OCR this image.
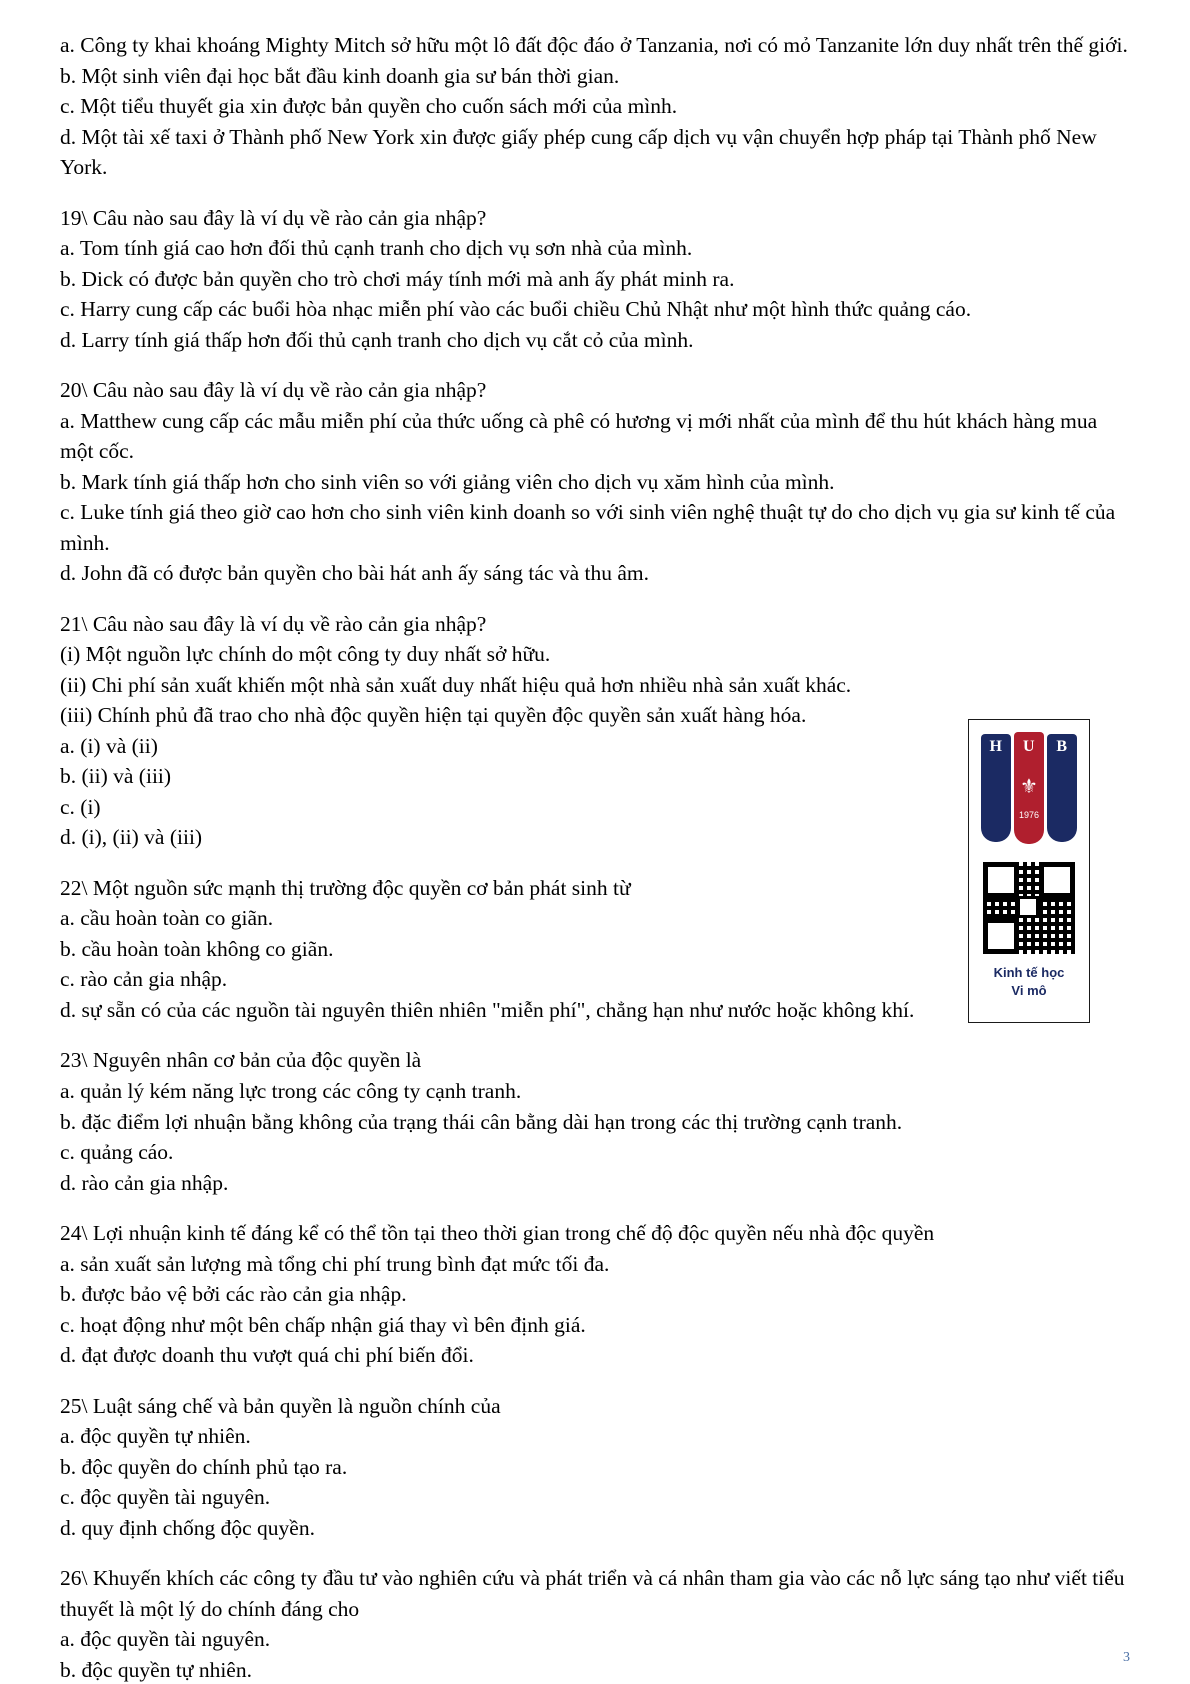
a. Công ty khai khoáng Mighty Mitch sở hữu một lô đất độc đáo ở Tanzania, nơi có mỏ Tanzanite lớn duy nhất trên thế giới.
b. Một sinh viên đại học bắt đầu kinh doanh gia sư bán thời gian.
c. Một tiểu thuyết gia xin được bản quyền cho cuốn sách mới của mình.
d. Một tài xế taxi ở Thành phố New York xin được giấy phép cung cấp dịch vụ vận chuyển hợp pháp tại Thành phố New York.
19\ Câu nào sau đây là ví dụ về rào cản gia nhập?
a. Tom tính giá cao hơn đối thủ cạnh tranh cho dịch vụ sơn nhà của mình.
b. Dick có được bản quyền cho trò chơi máy tính mới mà anh ấy phát minh ra.
c. Harry cung cấp các buổi hòa nhạc miễn phí vào các buổi chiều Chủ Nhật như một hình thức quảng cáo.
d. Larry tính giá thấp hơn đối thủ cạnh tranh cho dịch vụ cắt cỏ của mình.
20\ Câu nào sau đây là ví dụ về rào cản gia nhập?
a. Matthew cung cấp các mẫu miễn phí của thức uống cà phê có hương vị mới nhất của mình để thu hút khách hàng mua một cốc.
b. Mark tính giá thấp hơn cho sinh viên so với giảng viên cho dịch vụ xăm hình của mình.
c. Luke tính giá theo giờ cao hơn cho sinh viên kinh doanh so với sinh viên nghệ thuật tự do cho dịch vụ gia sư kinh tế của mình.
d. John đã có được bản quyền cho bài hát anh ấy sáng tác và thu âm.
21\ Câu nào sau đây là ví dụ về rào cản gia nhập?
(i) Một nguồn lực chính do một công ty duy nhất sở hữu.
(ii) Chi phí sản xuất khiến một nhà sản xuất duy nhất hiệu quả hơn nhiều nhà sản xuất khác.
(iii) Chính phủ đã trao cho nhà độc quyền hiện tại quyền độc quyền sản xuất hàng hóa.
a. (i) và (ii)
b. (ii) và (iii)
c. (i)
d. (i), (ii) và (iii)
22\ Một nguồn sức mạnh thị trường độc quyền cơ bản phát sinh từ
a. cầu hoàn toàn co giãn.
b. cầu hoàn toàn không co giãn.
c. rào cản gia nhập.
d. sự sẵn có của các nguồn tài nguyên thiên nhiên "miễn phí", chẳng hạn như nước hoặc không khí.
23\ Nguyên nhân cơ bản của độc quyền là
a. quản lý kém năng lực trong các công ty cạnh tranh.
b. đặc điểm lợi nhuận bằng không của trạng thái cân bằng dài hạn trong các thị trường cạnh tranh.
c. quảng cáo.
d. rào cản gia nhập.
24\ Lợi nhuận kinh tế đáng kể có thể tồn tại theo thời gian trong chế độ độc quyền nếu nhà độc quyền
a. sản xuất sản lượng mà tổng chi phí trung bình đạt mức tối đa.
b. được bảo vệ bởi các rào cản gia nhập.
c. hoạt động như một bên chấp nhận giá thay vì bên định giá.
d. đạt được doanh thu vượt quá chi phí biến đổi.
25\ Luật sáng chế và bản quyền là nguồn chính của
a. độc quyền tự nhiên.
b. độc quyền do chính phủ tạo ra.
c. độc quyền tài nguyên.
d. quy định chống độc quyền.
26\ Khuyến khích các công ty đầu tư vào nghiên cứu và phát triển và cá nhân tham gia vào các nỗ lực sáng tạo như viết tiểu thuyết là một lý do chính đáng cho
a. độc quyền tài nguyên.
b. độc quyền tự nhiên.
H	U	B
⚜
1976
Kinh tế học
Vi mô
3
